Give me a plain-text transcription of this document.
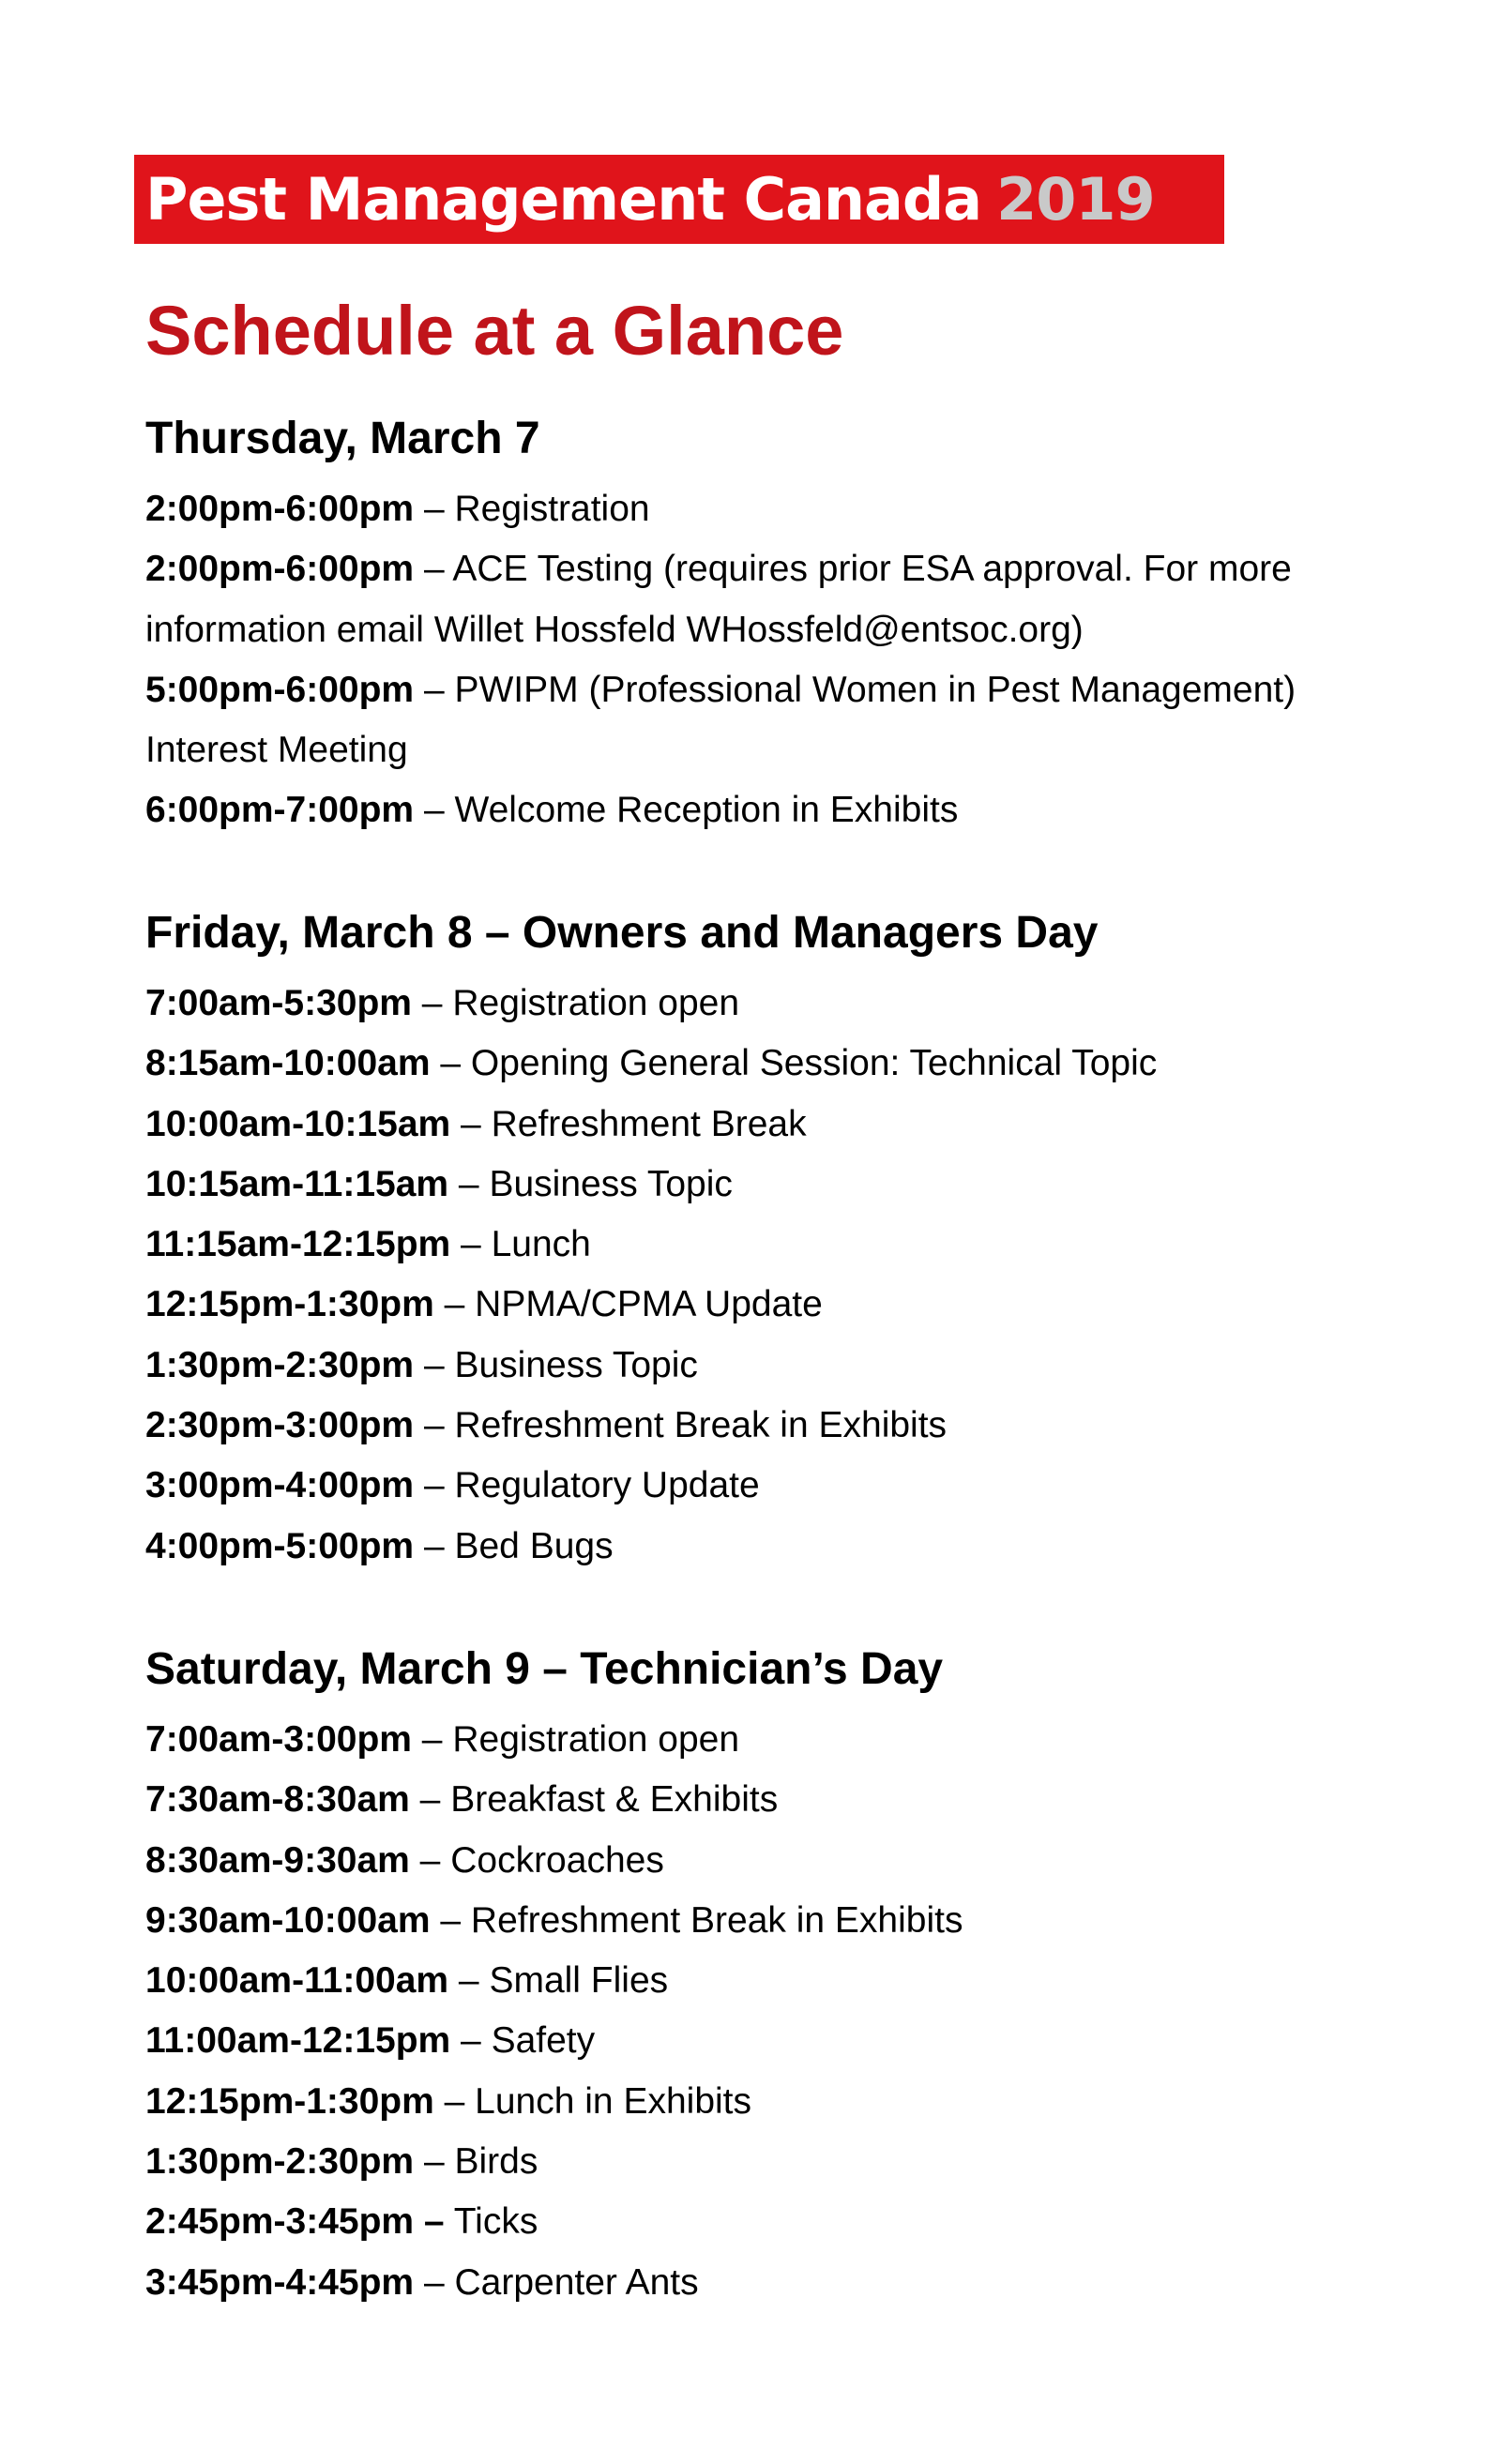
Pest Management Canada 2019
Schedule at a Glance
Thursday, March 7

2:00pm-6:00pm – Registration

2:00pm-6:00pm – ACE Testing (requires prior ESA approval. For more information email Willet Hossfeld WHossfeld@entsoc.org)

5:00pm-6:00pm – PWIPM (Professional Women in Pest Management) Interest Meeting

6:00pm-7:00pm – Welcome Reception in Exhibits

Friday, March 8 – Owners and Managers Day

7:00am-5:30pm – Registration open

8:15am-10:00am – Opening General Session: Technical Topic

10:00am-10:15am – Refreshment Break

10:15am-11:15am – Business Topic

11:15am-12:15pm – Lunch

12:15pm-1:30pm – NPMA/CPMA Update

1:30pm-2:30pm – Business Topic

2:30pm-3:00pm – Refreshment Break in Exhibits

3:00pm-4:00pm – Regulatory Update

4:00pm-5:00pm – Bed Bugs

Saturday, March 9 – Technician’s Day

7:00am-3:00pm – Registration open

7:30am-8:30am – Breakfast & Exhibits

8:30am-9:30am – Cockroaches

9:30am-10:00am – Refreshment Break in Exhibits

10:00am-11:00am – Small Flies

11:00am-12:15pm – Safety

12:15pm-1:30pm – Lunch in Exhibits

1:30pm-2:30pm – Birds

2:45pm-3:45pm – Ticks

3:45pm-4:45pm – Carpenter Ants
